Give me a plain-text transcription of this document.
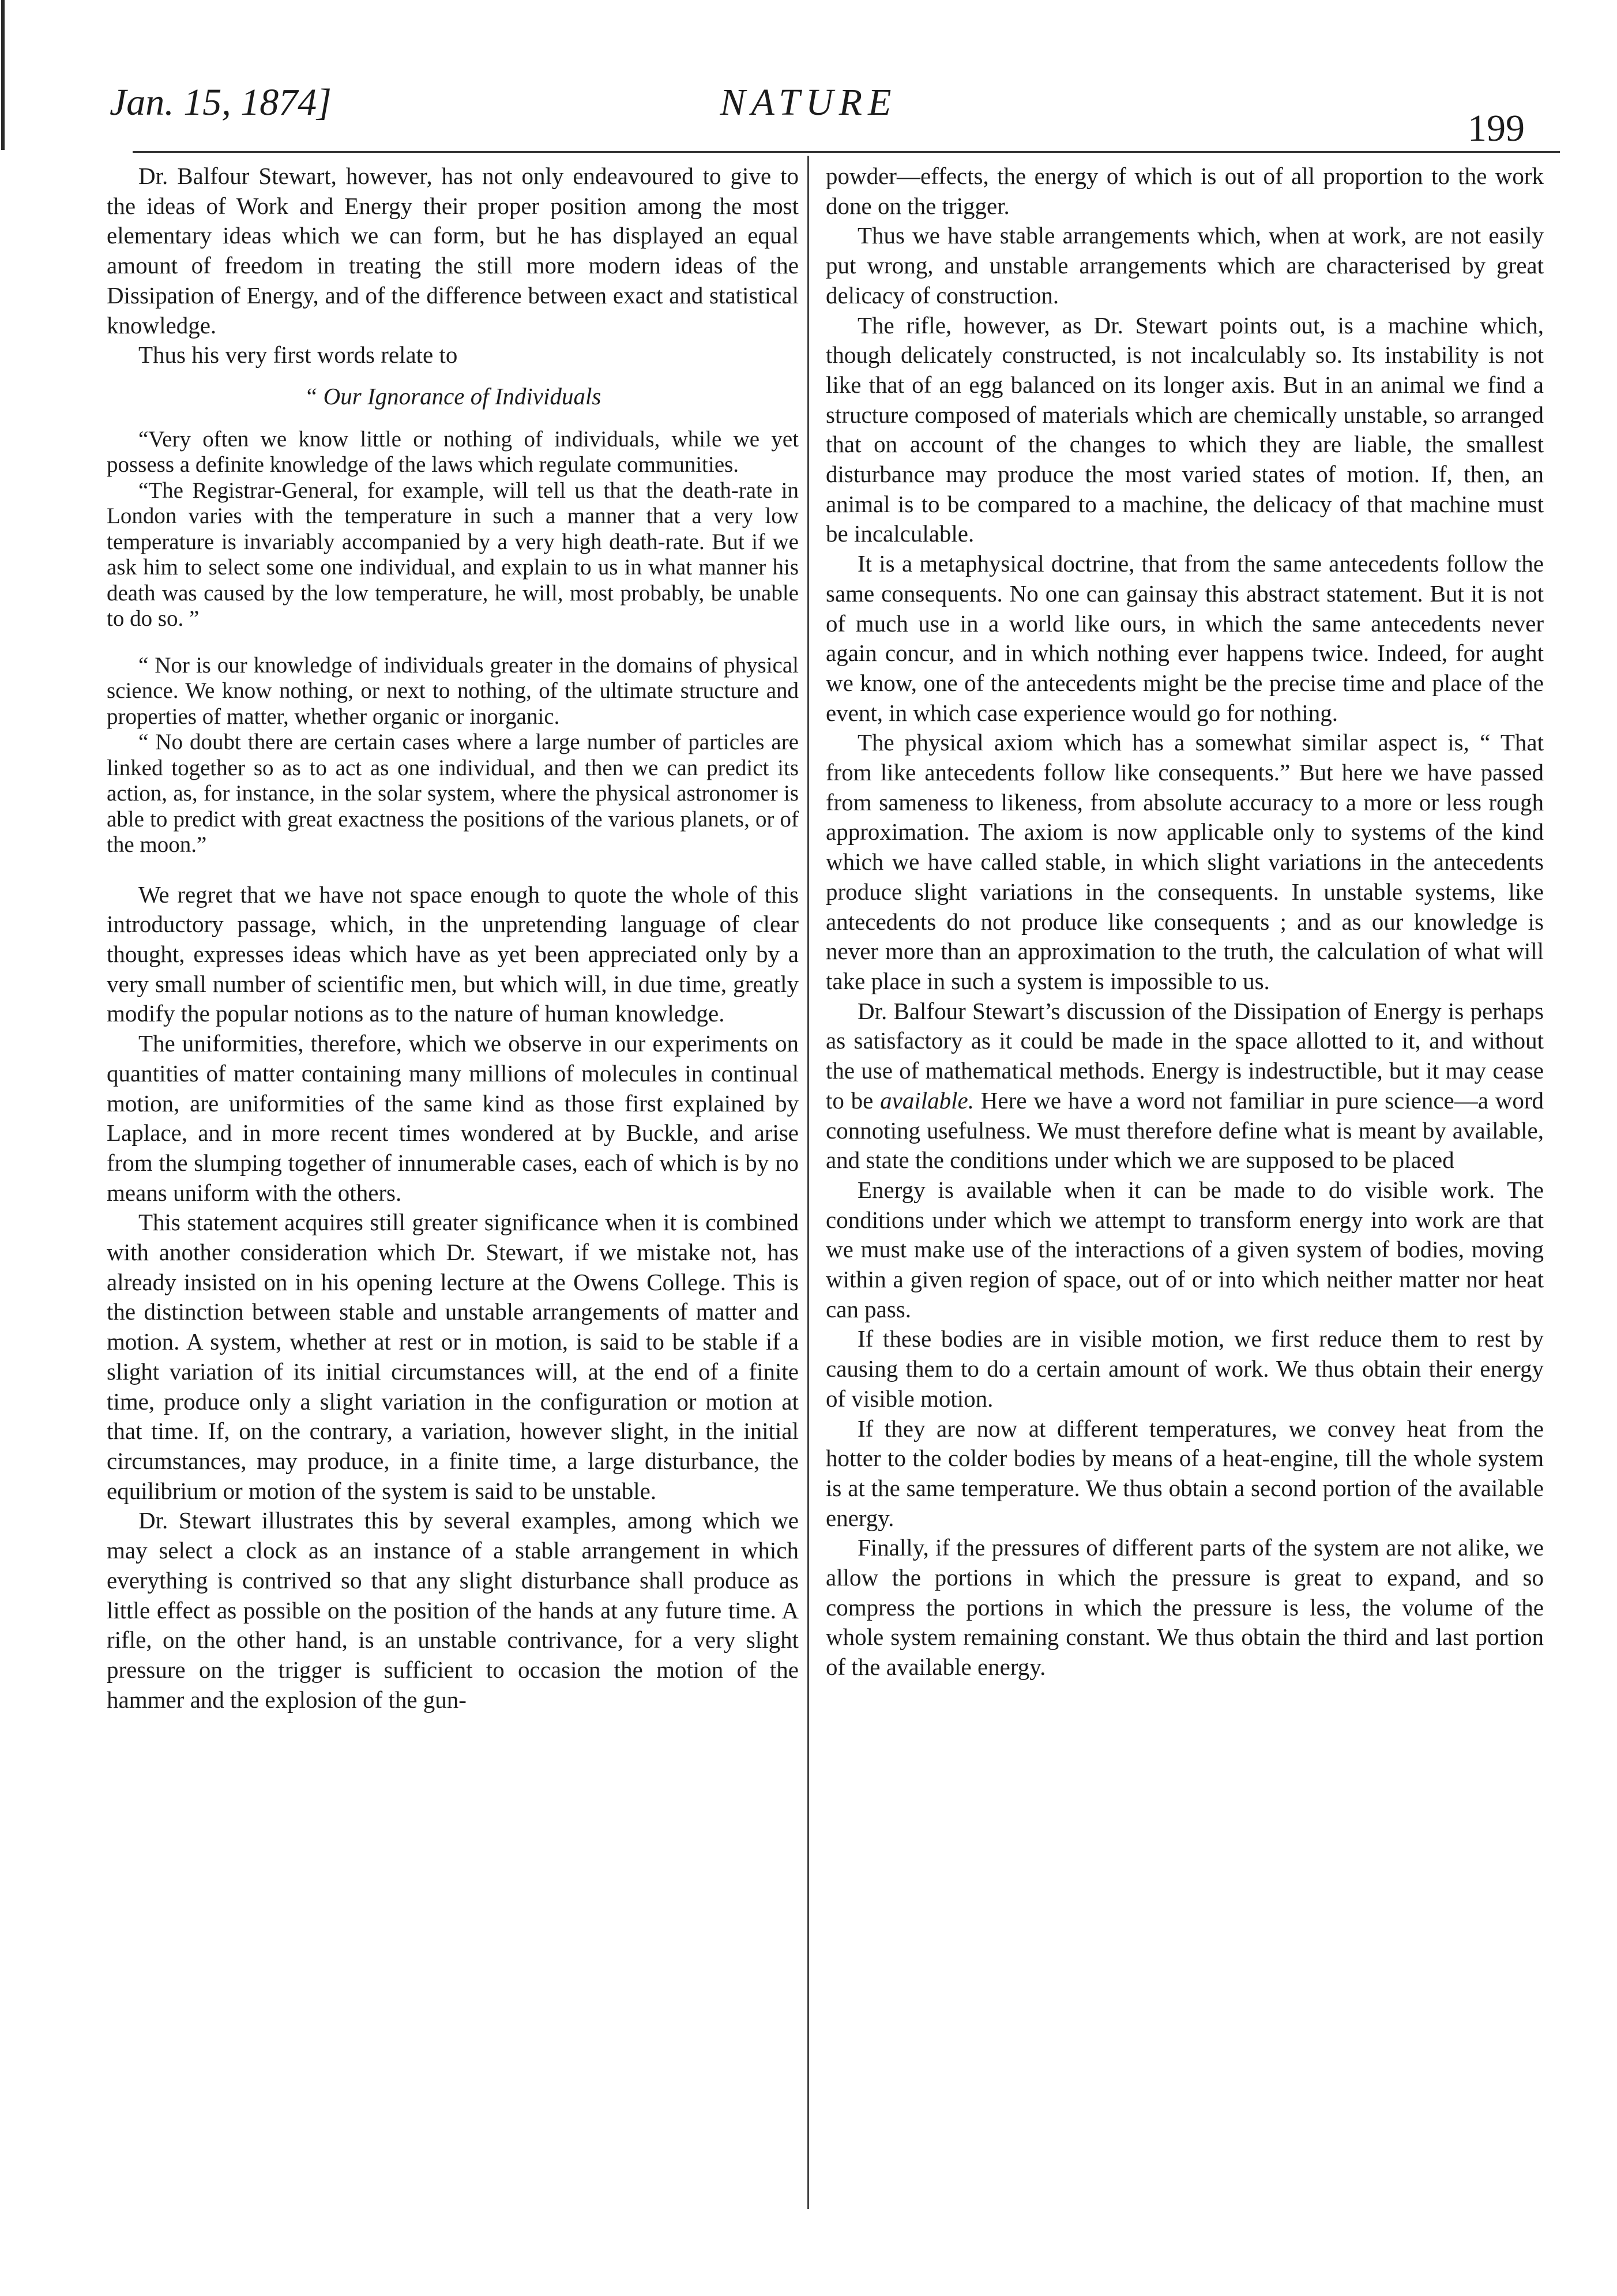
Jan. 15, 1874]	NATURE
199

Dr. Balfour Stewart, however, has not only endeavoured to give to the ideas of Work and Energy their proper position among the most elementary ideas which we can form, but he has displayed an equal amount of freedom in treating the still more modern ideas of the Dissipation of Energy, and of the difference between exact and statistical knowledge.

Thus his very first words relate to

“ Our Ignorance of Individuals

“Very often we know little or nothing of individuals, while we yet possess a definite knowledge of the laws which regulate communities.

“The Registrar-General, for example, will tell us that the death-rate in London varies with the temperature in such a manner that a very low temperature is invariably accompanied by a very high death-rate. But if we ask him to select some one individual, and explain to us in what manner his death was caused by the low temperature, he will, most probably, be unable to do so. ”

“ Nor is our knowledge of individuals greater in the domains of physical science. We know nothing, or next to nothing, of the ultimate structure and properties of matter, whether organic or inorganic.

“ No doubt there are certain cases where a large number of particles are linked together so as to act as one individual, and then we can predict its action, as, for instance, in the solar system, where the physical astronomer is able to predict with great exactness the positions of the various planets, or of the moon.”

We regret that we have not space enough to quote the whole of this introductory passage, which, in the unpretending language of clear thought, expresses ideas which have as yet been appreciated only by a very small number of scientific men, but which will, in due time, greatly modify the popular notions as to the nature of human knowledge.

The uniformities, therefore, which we observe in our experiments on quantities of matter containing many millions of molecules in continual motion, are uniformities of the same kind as those first explained by Laplace, and in more recent times wondered at by Buckle, and arise from the slumping together of innumerable cases, each of which is by no means uniform with the others.

This statement acquires still greater significance when it is combined with another consideration which Dr. Stewart, if we mistake not, has already insisted on in his opening lecture at the Owens College. This is the distinction between stable and unstable arrangements of matter and motion. A system, whether at rest or in motion, is said to be stable if a slight variation of its initial circumstances will, at the end of a finite time, produce only a slight variation in the configuration or motion at that time. If, on the contrary, a variation, however slight, in the initial circumstances, may produce, in a finite time, a large disturbance, the equilibrium or motion of the system is said to be unstable.

Dr. Stewart illustrates this by several examples, among which we may select a clock as an instance of a stable arrangement in which everything is contrived so that any slight disturbance shall produce as little effect as possible on the position of the hands at any future time. A rifle, on the other hand, is an unstable contrivance, for a very slight pressure on the trigger is sufficient to occasion the motion of the hammer and the explosion of the gun-

powder—effects, the energy of which is out of all proportion to the work done on the trigger.

Thus we have stable arrangements which, when at work, are not easily put wrong, and unstable arrangements which are characterised by great delicacy of construction.

The rifle, however, as Dr. Stewart points out, is a machine which, though delicately constructed, is not incalculably so. Its instability is not like that of an egg balanced on its longer axis. But in an animal we find a structure composed of materials which are chemically unstable, so arranged that on account of the changes to which they are liable, the smallest disturbance may produce the most varied states of motion. If, then, an animal is to be compared to a machine, the delicacy of that machine must be incalculable.

It is a metaphysical doctrine, that from the same antecedents follow the same consequents. No one can gainsay this abstract statement. But it is not of much use in a world like ours, in which the same antecedents never again concur, and in which nothing ever happens twice. Indeed, for aught we know, one of the antecedents might be the precise time and place of the event, in which case experience would go for nothing.

The physical axiom which has a somewhat similar aspect is, “ That from like antecedents follow like consequents.” But here we have passed from sameness to likeness, from absolute accuracy to a more or less rough approximation. The axiom is now applicable only to systems of the kind which we have called stable, in which slight variations in the antecedents produce slight variations in the consequents. In unstable systems, like antecedents do not produce like consequents ; and as our knowledge is never more than an approximation to the truth, the calculation of what will take place in such a system is impossible to us.

Dr. Balfour Stewart’s discussion of the Dissipation of Energy is perhaps as satisfactory as it could be made in the space allotted to it, and without the use of mathematical methods. Energy is indestructible, but it may cease to be available. Here we have a word not familiar in pure science—a word connoting usefulness. We must therefore define what is meant by available, and state the conditions under which we are supposed to be placed

Energy is available when it can be made to do visible work. The conditions under which we attempt to transform energy into work are that we must make use of the interactions of a given system of bodies, moving within a given region of space, out of or into which neither matter nor heat can pass.

If these bodies are in visible motion, we first reduce them to rest by causing them to do a certain amount of work. We thus obtain their energy of visible motion.

If they are now at different temperatures, we convey heat from the hotter to the colder bodies by means of a heat-engine, till the whole system is at the same temperature. We thus obtain a second portion of the available energy.

Finally, if the pressures of different parts of the system are not alike, we allow the portions in which the pressure is great to expand, and so compress the portions in which the pressure is less, the volume of the whole system remaining constant. We thus obtain the third and last portion of the available energy.
